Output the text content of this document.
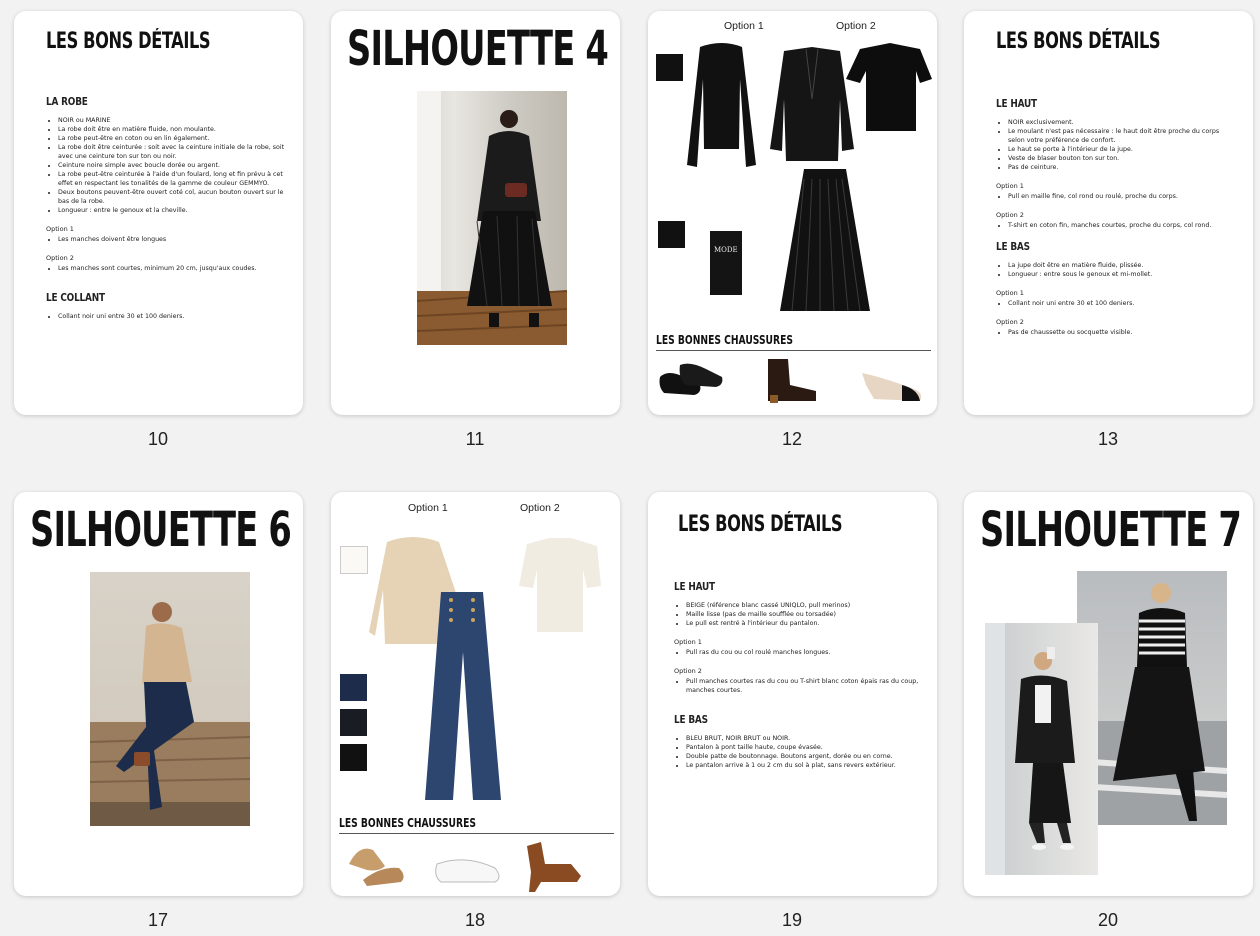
LES BONS DÉTAILS
LA ROBE
• NOIR ou MARINE
• La robe doit être en matière fluide, non moulante.
• La robe peut-être en coton ou en lin également.
• La robe doit être ceinturée : soit avec la ceinture initiale de la robe, soit avec une ceinture ton sur ton ou noir.
• Ceinture noire simple avec boucle dorée ou argent.
• La robe peut-être ceinturée à l'aide d'un foulard, long et fin prévu à cet effet en respectant les tonalités de la gamme de couleur GEMMYO.
• Deux boutons peuvent-être ouvert coté col, aucun bouton ouvert sur le bas de la robe.
• Longueur : entre le genoux et la cheville.
Option 1
• Les manches doivent être longues
Option 2
• Les manches sont courtes, minimum 20 cm, jusqu'aux coudes.
LE COLLANT
• Collant noir uni entre 30 et 100 deniers.
10
SILHOUETTE 4
11
Option 1	Option 2
MODE
LES BONNES CHAUSSURES
12
LES BONS DÉTAILS
LE HAUT
• NOIR exclusivement.
• Le moulant n'est pas nécessaire : le haut doit être proche du corps selon votre préférence de confort.
• Le haut se porte à l'intérieur de la jupe.
• Veste de blaser bouton ton sur ton.
• Pas de ceinture.
Option 1
• Pull en maille fine, col rond ou roulé, proche du corps.
Option 2
• T-shirt en coton fin, manches courtes, proche du corps, col rond.
LE BAS
• La jupe doit être en matière fluide, plissée.
• Longueur : entre sous le genoux et mi-mollet.
Option 1
• Collant noir uni entre 30 et 100 deniers.
Option 2
• Pas de chaussette ou socquette visible.
13
SILHOUETTE 6
17
Option 1	Option 2
LES BONNES CHAUSSURES
18
LES BONS DÉTAILS
LE HAUT
• BEIGE (référence blanc cassé UNIQLO, pull merinos)
• Maille lisse (pas de maille soufflée ou torsadée)
• Le pull est rentré à l'intérieur du pantalon.
Option 1
• Pull ras du cou ou col roulé manches longues.
Option 2
• Pull manches courtes ras du cou ou T-shirt blanc coton épais ras du coup, manches courtes.
LE BAS
• BLEU BRUT, NOIR BRUT ou NOIR.
• Pantalon à pont taille haute, coupe évasée.
• Double patte de boutonnage. Boutons argent, dorée ou en corne.
• Le pantalon arrive à 1 ou 2 cm du sol à plat, sans revers extérieur.
19
SILHOUETTE 7
20
